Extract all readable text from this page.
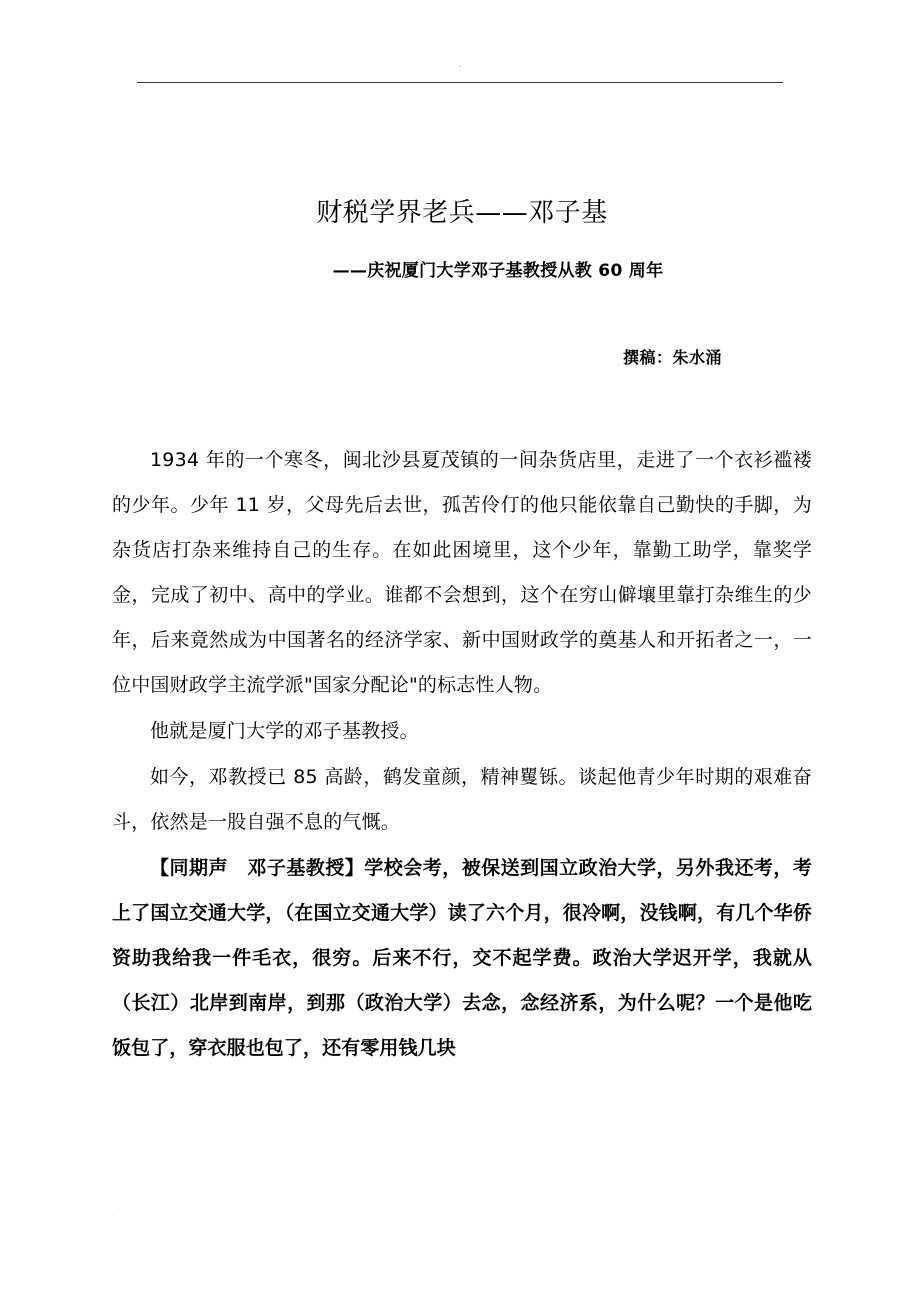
·
财税学界老兵——邓子基
——庆祝厦门大学邓子基教授从教 60 周年
撰稿：朱水涌

1934 年的一个寒冬，闽北沙县夏茂镇的一间杂货店里，走进了一个衣衫褴褛的少年。少年 11 岁，父母先后去世，孤苦伶仃的他只能依靠自己勤快的手脚，为杂货店打杂来维持自己的生存。在如此困境里，这个少年，靠勤工助学，靠奖学金，完成了初中、高中的学业。谁都不会想到，这个在穷山僻壤里靠打杂维生的少年，后来竟然成为中国著名的经济学家、新中国财政学的奠基人和开拓者之一，一位中国财政学主流学派"国家分配论"的标志性人物。

他就是厦门大学的邓子基教授。

如今，邓教授已 85 高龄，鹤发童颜，精神矍铄。谈起他青少年时期的艰难奋斗，依然是一股自强不息的气慨。

【同期声　邓子基教授】学校会考，被保送到国立政治大学，另外我还考，考上了国立交通大学，（在国立交通大学）读了六个月，很冷啊，没钱啊，有几个华侨资助我给我一件毛衣，很穷。后来不行，交不起学费。政治大学迟开学，我就从（长江）北岸到南岸，到那（政治大学）去念，念经济系，为什么呢？一个是他吃饭包了，穿衣服也包了，还有零用钱几块

·
